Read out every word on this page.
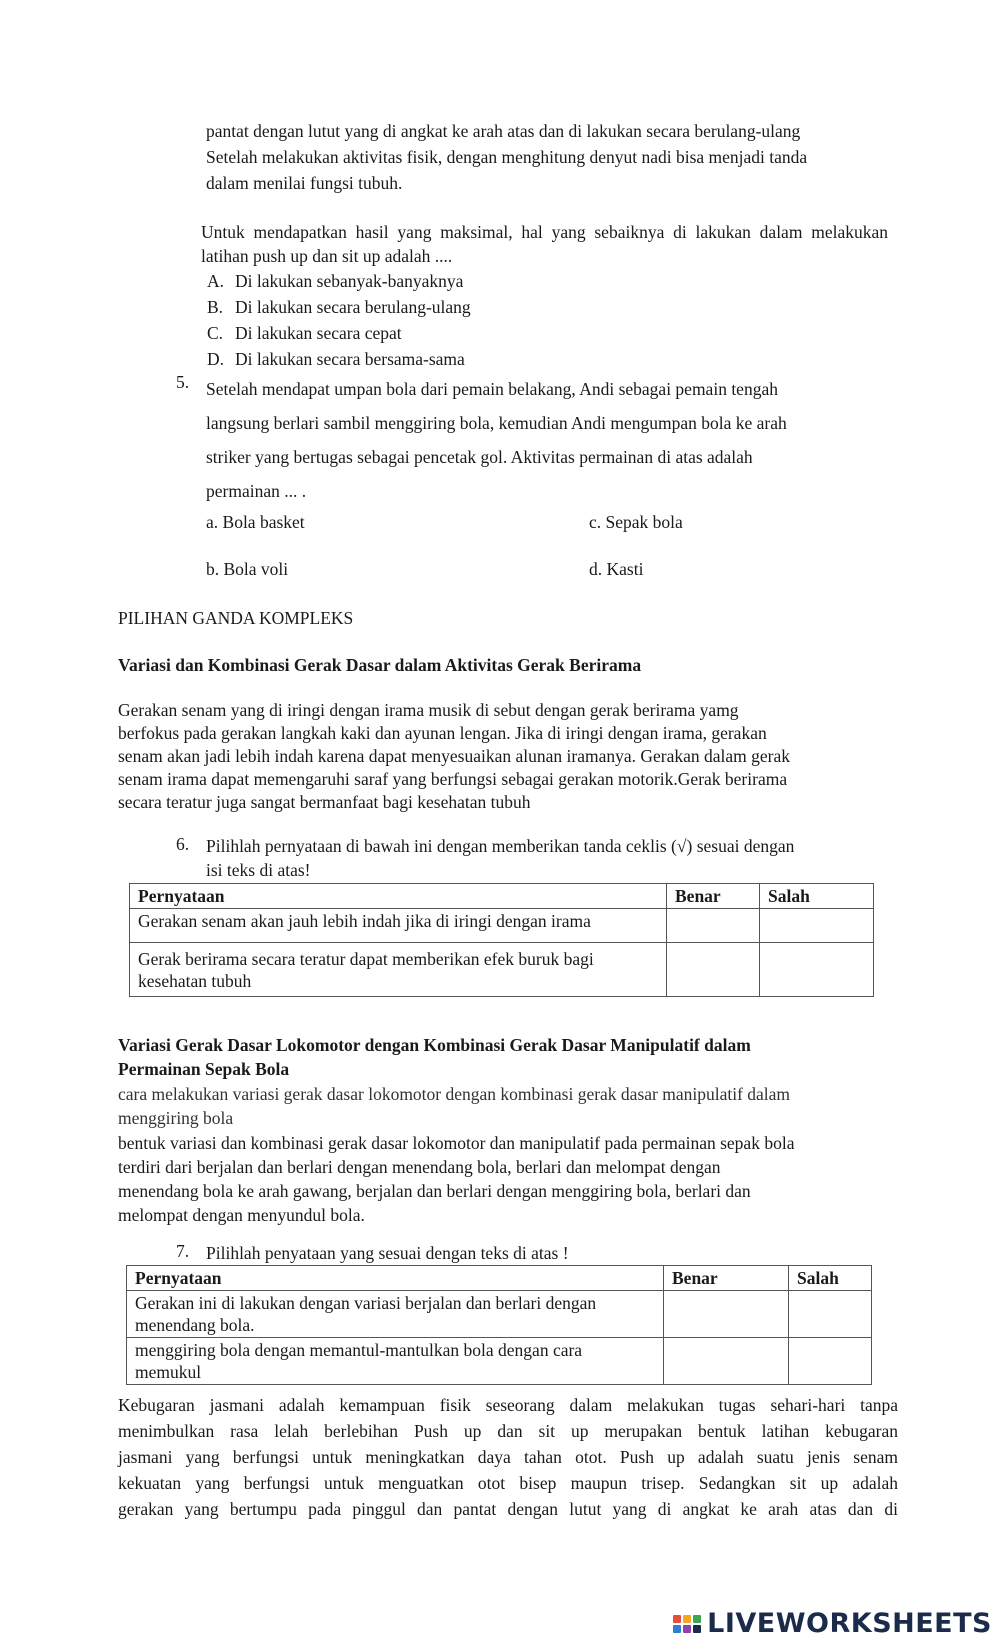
pantat dengan lutut yang di angkat ke arah atas dan di lakukan secara berulang-ulang
Setelah melakukan aktivitas fisik, dengan menghitung denyut nadi bisa menjadi tanda
dalam menilai fungsi tubuh.
Untuk mendapatkan hasil yang maksimal, hal yang sebaiknya di lakukan dalam melakukan latihan push up dan sit up adalah ....
A. Di lakukan sebanyak-banyaknya
B. Di lakukan secara berulang-ulang
C. Di lakukan secara cepat
D. Di lakukan secara bersama-sama
5. Setelah mendapat umpan bola dari pemain belakang, Andi sebagai pemain tengah
langsung berlari sambil menggiring bola, kemudian Andi mengumpan bola ke arah
striker yang bertugas sebagai pencetak gol. Aktivitas permainan di atas adalah
permainan ... .
a. Bola basket	c. Sepak bola
b. Bola voli	d. Kasti
PILIHAN GANDA KOMPLEKS
Variasi dan Kombinasi Gerak Dasar dalam Aktivitas Gerak Berirama
Gerakan senam yang di iringi dengan irama musik di sebut dengan gerak berirama yamg
berfokus pada gerakan langkah kaki dan ayunan lengan. Jika di iringi dengan irama, gerakan
senam akan jadi lebih indah karena dapat menyesuaikan alunan iramanya. Gerakan dalam gerak
senam irama dapat memengaruhi saraf yang berfungsi sebagai gerakan motorik.Gerak berirama
secara teratur juga sangat bermanfaat bagi kesehatan tubuh
6. Pilihlah pernyataan di bawah ini dengan memberikan tanda ceklis (√) sesuai dengan
isi teks di atas!
Pernyataan	Benar	Salah

Gerakan senam akan jauh lebih indah jika di iringi dengan irama		

Gerak berirama secara teratur dapat memberikan efek buruk bagi
kesehatan tubuh		

Variasi Gerak Dasar Lokomotor dengan Kombinasi Gerak Dasar Manipulatif dalam
Permainan Sepak Bola
cara melakukan variasi gerak dasar lokomotor dengan kombinasi gerak dasar manipulatif dalam
menggiring bola
bentuk variasi dan kombinasi gerak dasar lokomotor dan manipulatif pada permainan sepak bola
terdiri dari berjalan dan berlari dengan menendang bola, berlari dan melompat dengan
menendang bola ke arah gawang, berjalan dan berlari dengan menggiring bola, berlari dan
melompat dengan menyundul bola.
7. Pilihlah penyataan yang sesuai dengan teks di atas !
Pernyataan	Benar	Salah

Gerakan ini di lakukan dengan variasi berjalan dan berlari dengan
menendang bola.		

menggiring bola dengan memantul-mantulkan bola dengan cara
memukul		

Kebugaran jasmani adalah kemampuan fisik seseorang dalam melakukan tugas sehari-hari tanpa
menimbulkan rasa lelah berlebihan Push up dan sit up merupakan bentuk latihan kebugaran
jasmani yang berfungsi untuk meningkatkan daya tahan otot. Push up adalah suatu jenis senam
kekuatan yang berfungsi untuk menguatkan otot bisep maupun trisep. Sedangkan sit up adalah
gerakan yang bertumpu pada pinggul dan pantat dengan lutut yang di angkat ke arah atas dan di
LIVEWORKSHEETS
